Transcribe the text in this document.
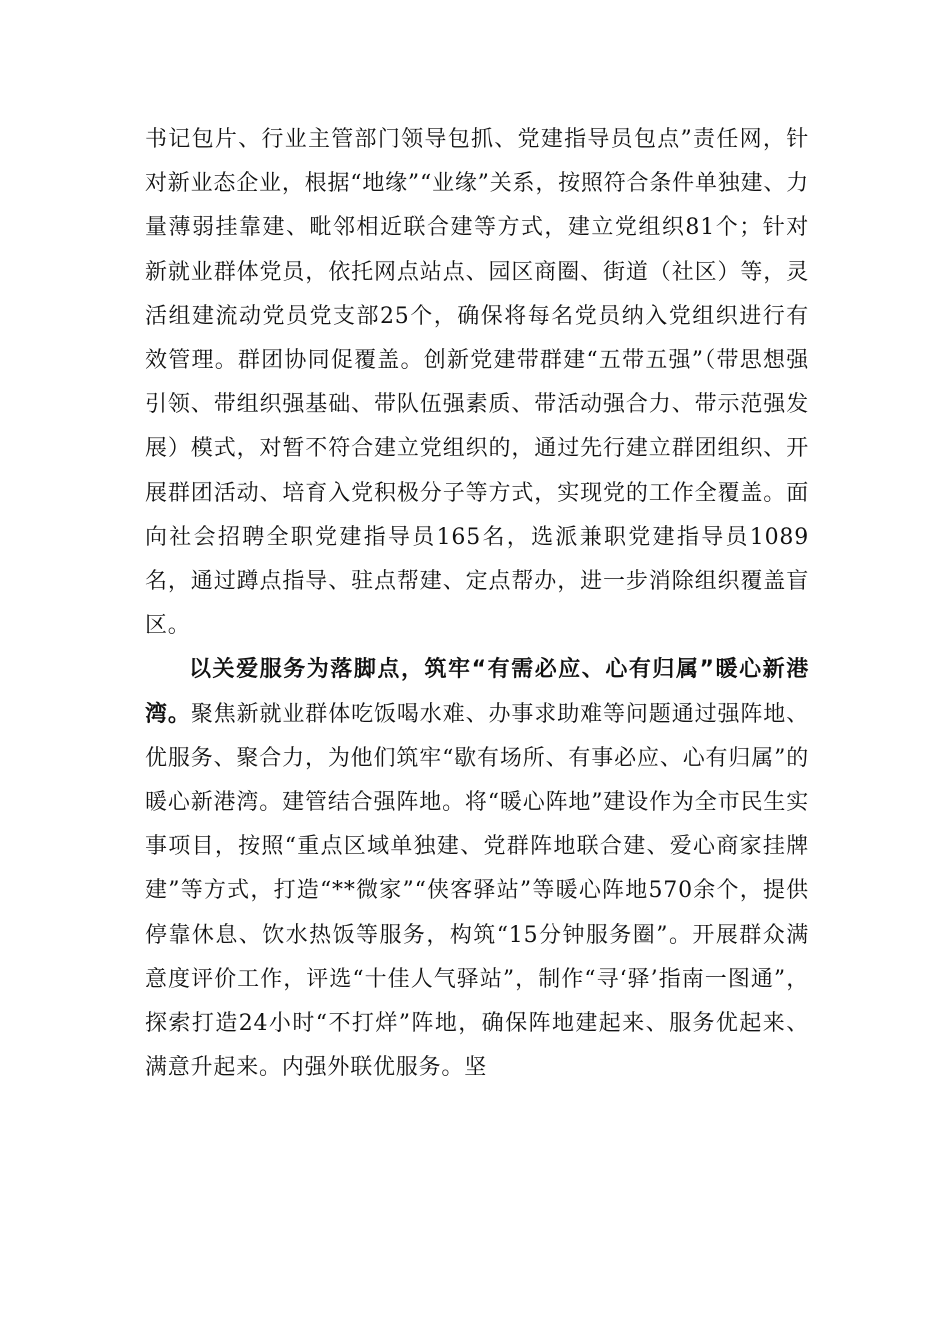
书记包片、行业主管部门领导包抓、党建指导员包点”责任网，针对新业态企业，根据“地缘”“业缘”关系，按照符合条件单独建、力量薄弱挂靠建、毗邻相近联合建等方式，建立党组织81个；针对新就业群体党员，依托网点站点、园区商圈、街道（社区）等，灵活组建流动党员党支部25个，确保将每名党员纳入党组织进行有效管理。群团协同促覆盖。创新党建带群建“五带五强”（带思想强引领、带组织强基础、带队伍强素质、带活动强合力、带示范强发展）模式，对暂不符合建立党组织的，通过先行建立群团组织、开展群团活动、培育入党积极分子等方式，实现党的工作全覆盖。面向社会招聘全职党建指导员165名，选派兼职党建指导员1089名，通过蹲点指导、驻点帮建、定点帮办，进一步消除组织覆盖盲区。

以关爱服务为落脚点，筑牢“有需必应、心有归属”暖心新港湾。聚焦新就业群体吃饭喝水难、办事求助难等问题通过强阵地、优服务、聚合力，为他们筑牢“歇有场所、有事必应、心有归属”的暖心新港湾。建管结合强阵地。将“暖心阵地”建设作为全市民生实事项目，按照“重点区域单独建、党群阵地联合建、爱心商家挂牌建”等方式，打造“**微家”“侠客驿站”等暖心阵地570余个，提供停靠休息、饮水热饭等服务，构筑“15分钟服务圈”。开展群众满意度评价工作，评选“十佳人气驿站”，制作“寻‘驿’指南一图通”，探索打造24小时“不打烊”阵地，确保阵地建起来、服务优起来、满意升起来。内强外联优服务。坚
